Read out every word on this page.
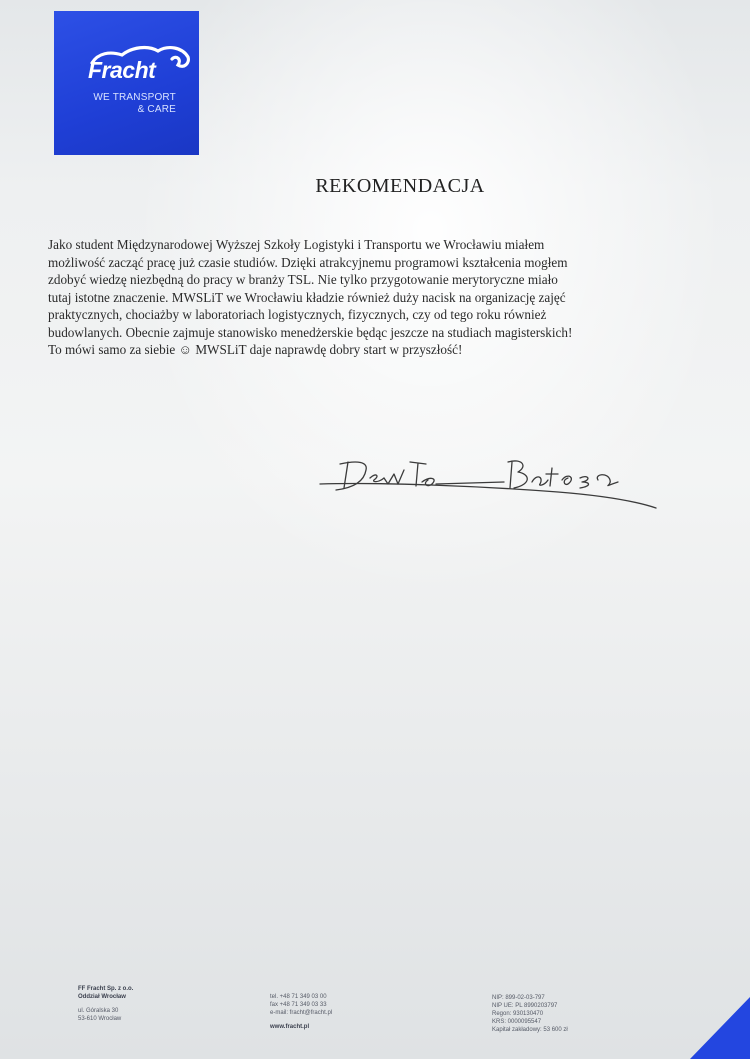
Fracht
WE TRANSPORT
& CARE
REKOMENDACJA
Jako student Międzynarodowej Wyższej Szkoły Logistyki i Transportu we Wrocławiu miałem
możliwość zacząć pracę już czasie studiów. Dzięki atrakcyjnemu programowi kształcenia mogłem
zdobyć wiedzę niezbędną do pracy w branży TSL. Nie tylko przygotowanie merytoryczne miało
tutaj istotne znaczenie. MWSLiT we Wrocławiu kładzie również duży nacisk na organizację zajęć
praktycznych, chociażby w laboratoriach logistycznych, fizycznych, czy od tego roku również
budowlanych. Obecnie zajmuje stanowisko menedżerskie będąc jeszcze na studiach magisterskich!
To mówi samo za siebie ☺ MWSLiT daje naprawdę dobry start w przyszłość!
FF Fracht Sp. z o.o.
Oddział Wrocław
ul. Góralska 30
53-610 Wrocław
tel. +48 71 349 03 00
fax +48 71 349 03 33
e-mail: fracht@fracht.pl
www.fracht.pl
NIP: 899-02-03-797
NIP UE: PL 8990203797
Regon: 930130470
KRS: 0000095547
Kapitał zakładowy: 53 600 zł
